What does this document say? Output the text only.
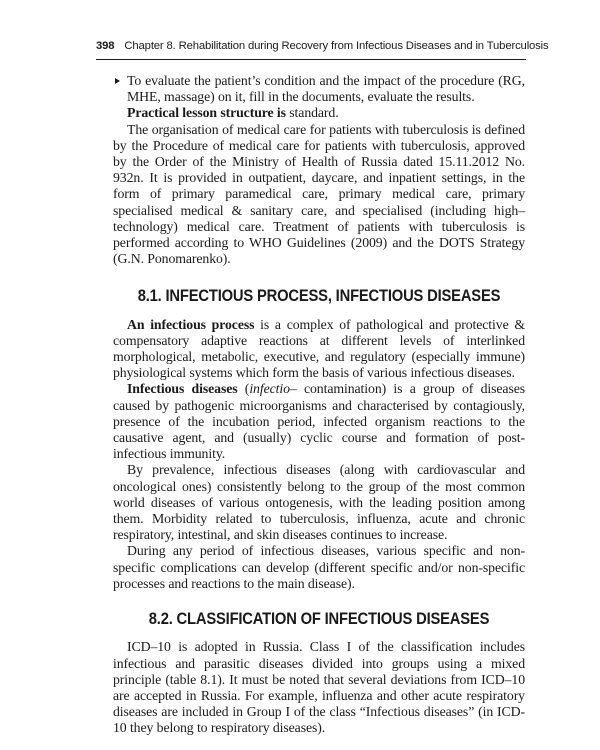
398 Chapter 8. Rehabilitation during Recovery from Infectious Diseases and in Tuberculosis

To evaluate the patient’s condition and the impact of the procedure (RG, MHE, massage) on it, fill in the documents, evaluate the results.

Practical lesson structure is standard.

The organisation of medical care for patients with tuberculosis is defined by the Procedure of medical care for patients with tuberculosis, approved by the Order of the Ministry of Health of Russia dated 15.11.2012 No. 932n. It is provided in outpatient, daycare, and inpatient settings, in the form of primary paramedical care, primary medical care, primary specialised medical & sanitary care, and specialised (including high–technology) medical care. Treatment of patients with tuberculosis is performed according to WHO Guidelines (2009) and the DOTS Strategy (G.N. Ponomarenko).

8.1. INFECTIOUS PROCESS, INFECTIOUS DISEASES

An infectious process is a complex of pathological and protective & compensatory adaptive reactions at different levels of interlinked morphological, metabolic, executive, and regulatory (especially immune) physiological systems which form the basis of various infectious diseases.

Infectious diseases (infectio– contamination) is a group of diseases caused by pathogenic microorganisms and characterised by contagiously, presence of the incubation period, infected organism reactions to the causative agent, and (usually) cyclic course and formation of post-infectious immunity.

By prevalence, infectious diseases (along with cardiovascular and oncological ones) consistently belong to the group of the most common world diseases of various ontogenesis, with the leading position among them. Morbidity related to tuberculosis, influenza, acute and chronic respiratory, intestinal, and skin diseases continues to increase.

During any period of infectious diseases, various specific and non-specific complications can develop (different specific and/or non-specific processes and reactions to the main disease).

8.2. CLASSIFICATION OF INFECTIOUS DISEASES

ICD–10 is adopted in Russia. Class I of the classification includes infectious and parasitic diseases divided into groups using a mixed principle (table 8.1). It must be noted that several deviations from ICD–10 are accepted in Russia. For example, influenza and other acute respiratory diseases are included in Group I of the class “Infectious diseases” (in ICD-10 they belong to respiratory diseases).
